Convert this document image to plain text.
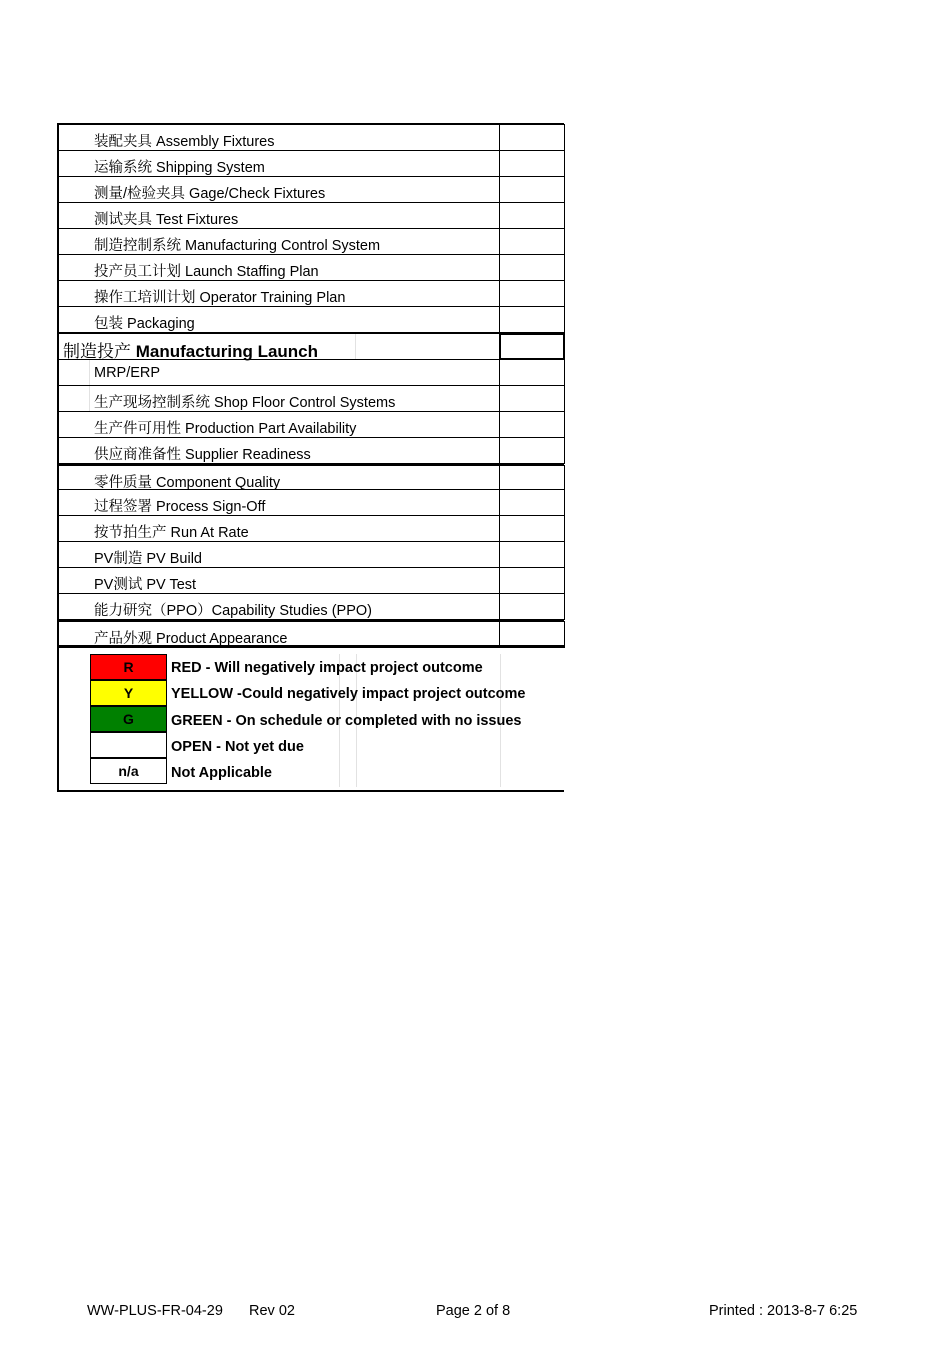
装配夹具 Assembly Fixtures
运输系统 Shipping System
测量/检验夹具 Gage/Check Fixtures
测试夹具 Test Fixtures
制造控制系统 Manufacturing Control System
投产员工计划 Launch Staffing Plan
操作工培训计划 Operator Training Plan
包装 Packaging
制造投产 Manufacturing Launch
MRP/ERP
生产现场控制系统 Shop Floor Control Systems
生产件可用性 Production Part Availability
供应商准备性 Supplier Readiness
零件质量 Component Quality
过程签署 Process Sign-Off
按节拍生产 Run At Rate
PV制造 PV Build
PV测试 PV Test
能力研究（PPO）Capability Studies (PPO)
产品外观 Product Appearance
R	RED - Will negatively impact project outcome
Y	YELLOW -Could negatively impact project outcome
G	GREEN - On schedule or completed with no issues
OPEN - Not yet due
n/a	Not Applicable
WW-PLUS-FR-04-29 Rev 02	Page 2 of 8	Printed : 2013-8-7 6:25
